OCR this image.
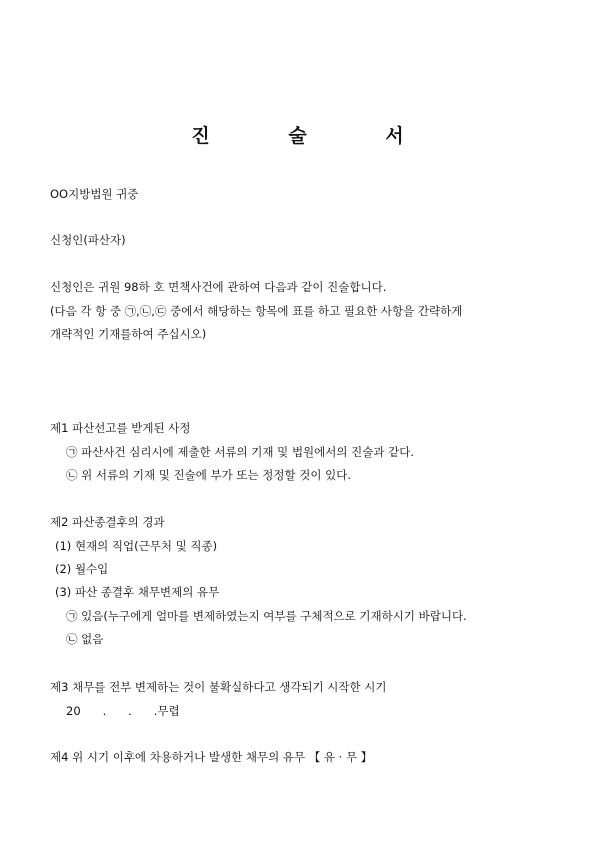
진 술 서
OO지방법원 귀중
신청인(파산자)
신청인은 귀원 98하 호 면책사건에 관하여 다음과 같이 진술합니다.
(다음 각 항 중 ㉠,㉡,㉢ 중에서 해당하는 항목에 표를 하고 필요한 사항을 간략하게
개략적인 기재를하여 주십시오)
제1 파산선고를 받게된 사정
㉠ 파산사건 심리시에 제출한 서류의 기재 및 법원에서의 진술과 같다.
㉡ 위 서류의 기재 및 진술에 부가 또는 정정할 것이 있다.
제2 파산종결후의 경과
(1) 현재의 직업(근무처 및 직종)
(2) 월수입
(3) 파산 종결후 채무변제의 유무
㉠ 있음(누구에게 얼마를 변제하였는지 여부를 구체적으로 기재하시기 바랍니다.
㉡ 없음
제3 채무를 전부 변제하는 것이 불확실하다고 생각되기 시작한 시기
20      .      .      .무렵
제4 위 시기 이후에 차용하거나 발생한 채무의 유무 【 유 · 무 】
